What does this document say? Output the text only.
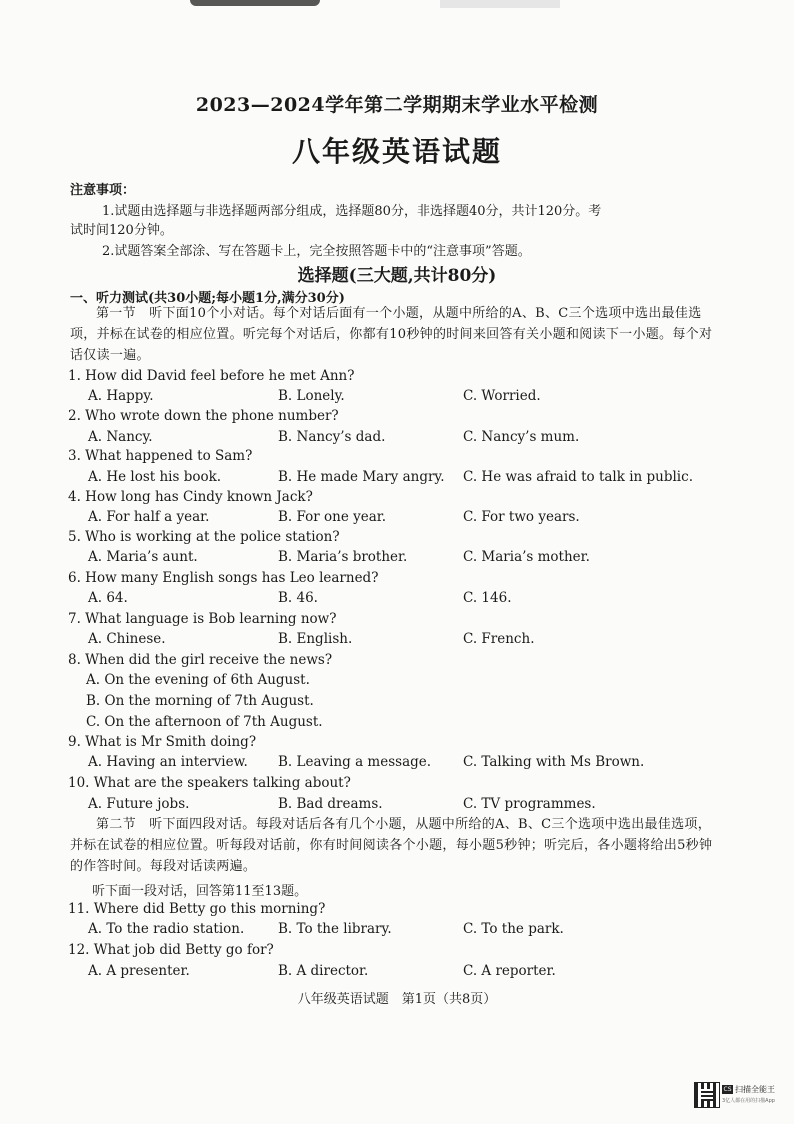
2023—2024学年第二学期期末学业水平检测
八年级英语试题
注意事项：
1.试题由选择题与非选择题两部分组成，选择题80分，非选择题40分，共计120分。考
试时间120分钟。
2.试题答案全部涂、写在答题卡上，完全按照答题卡中的“注意事项”答题。
选择题(三大题,共计80分)
一、听力测试(共30小题;每小题1分,满分30分)
第一节　听下面10个小对话。每个对话后面有一个小题，从题中所给的A、B、C三个选项中选出最佳选项，并标在试卷的相应位置。听完每个对话后，你都有10秒钟的时间来回答有关小题和阅读下一小题。每个对话仅读一遍。
1. How did David feel before he met Ann?
A. Happy.	B. Lonely.	C. Worried.
2. Who wrote down the phone number?
A. Nancy.	B. Nancy’s dad.	C. Nancy’s mum.
3. What happened to Sam?
A. He lost his book.	B. He made Mary angry. C. He was afraid to talk in public.
4. How long has Cindy known Jack?
A. For half a year.	B. For one year.	C. For two years.
5. Who is working at the police station?
A. Maria’s aunt.	B. Maria’s brother.	C. Maria’s mother.
6. How many English songs has Leo learned?
A. 64.	B. 46.	C. 146.
7. What language is Bob learning now?
A. Chinese.	B. English.	C. French.
8. When did the girl receive the news?
A. On the evening of 6th August.
B. On the morning of 7th August.
C. On the afternoon of 7th August.
9. What is Mr Smith doing?
A. Having an interview. B. Leaving a message. C. Talking with Ms Brown.
10. What are the speakers talking about?
A. Future jobs.	B. Bad dreams.	C. TV programmes.
11. Where did Betty go this morning?
A. To the radio station.	B. To the library.	C. To the park.
12. What job did Betty go for?
A. A presenter.	B. A director.	C. A reporter.
第二节　听下面四段对话。每段对话后各有几个小题，从题中所给的A、B、C三个选项中选出最佳选项，并标在试卷的相应位置。听每段对话前，你有时间阅读各个小题，每小题5秒钟；听完后，各小题将给出5秒钟的作答时间。每段对话读两遍。
听下面一段对话，回答第11至13题。
八年级英语试题　第1页（共8页）
CS 扫描全能王
3亿人都在用的扫描App
